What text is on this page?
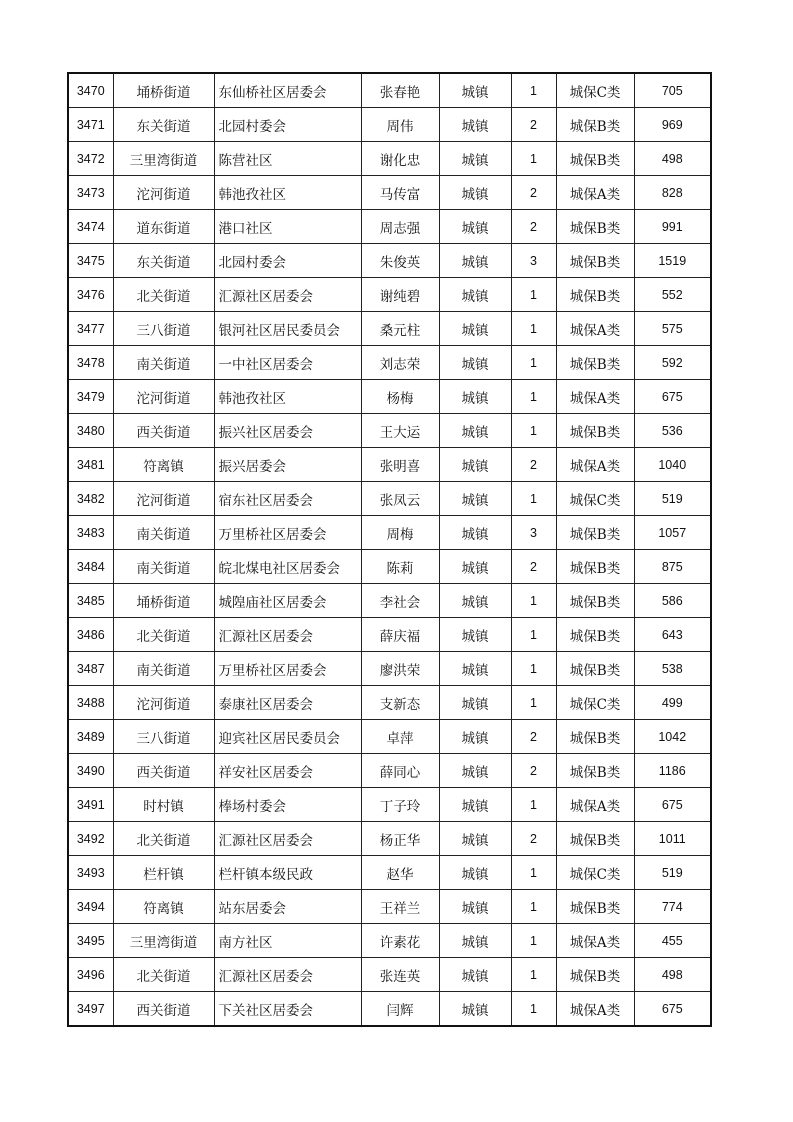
3470	埇桥街道	东仙桥社区居委会	张春艳	城镇	1	城保C类	705
3471	东关街道	北园村委会	周伟	城镇	2	城保B类	969
3472	三里湾街道	陈营社区	谢化忠	城镇	1	城保B类	498
3473	沱河街道	韩池孜社区	马传富	城镇	2	城保A类	828
3474	道东街道	港口社区	周志强	城镇	2	城保B类	991
3475	东关街道	北园村委会	朱俊英	城镇	3	城保B类	1519
3476	北关街道	汇源社区居委会	谢纯碧	城镇	1	城保B类	552
3477	三八街道	银河社区居民委员会	桑元柱	城镇	1	城保A类	575
3478	南关街道	一中社区居委会	刘志荣	城镇	1	城保B类	592
3479	沱河街道	韩池孜社区	杨梅	城镇	1	城保A类	675
3480	西关街道	振兴社区居委会	王大运	城镇	1	城保B类	536
3481	符离镇	振兴居委会	张明喜	城镇	2	城保A类	1040
3482	沱河街道	宿东社区居委会	张凤云	城镇	1	城保C类	519
3483	南关街道	万里桥社区居委会	周梅	城镇	3	城保B类	1057
3484	南关街道	皖北煤电社区居委会	陈莉	城镇	2	城保B类	875
3485	埇桥街道	城隍庙社区居委会	李社会	城镇	1	城保B类	586
3486	北关街道	汇源社区居委会	薛庆福	城镇	1	城保B类	643
3487	南关街道	万里桥社区居委会	廖洪荣	城镇	1	城保B类	538
3488	沱河街道	泰康社区居委会	支新态	城镇	1	城保C类	499
3489	三八街道	迎宾社区居民委员会	卓萍	城镇	2	城保B类	1042
3490	西关街道	祥安社区居委会	薛同心	城镇	2	城保B类	1186
3491	时村镇	棒场村委会	丁子玲	城镇	1	城保A类	675
3492	北关街道	汇源社区居委会	杨正华	城镇	2	城保B类	1011
3493	栏杆镇	栏杆镇本级民政	赵华	城镇	1	城保C类	519
3494	符离镇	站东居委会	王祥兰	城镇	1	城保B类	774
3495	三里湾街道	南方社区	许素花	城镇	1	城保A类	455
3496	北关街道	汇源社区居委会	张连英	城镇	1	城保B类	498
3497	西关街道	下关社区居委会	闫辉	城镇	1	城保A类	675
